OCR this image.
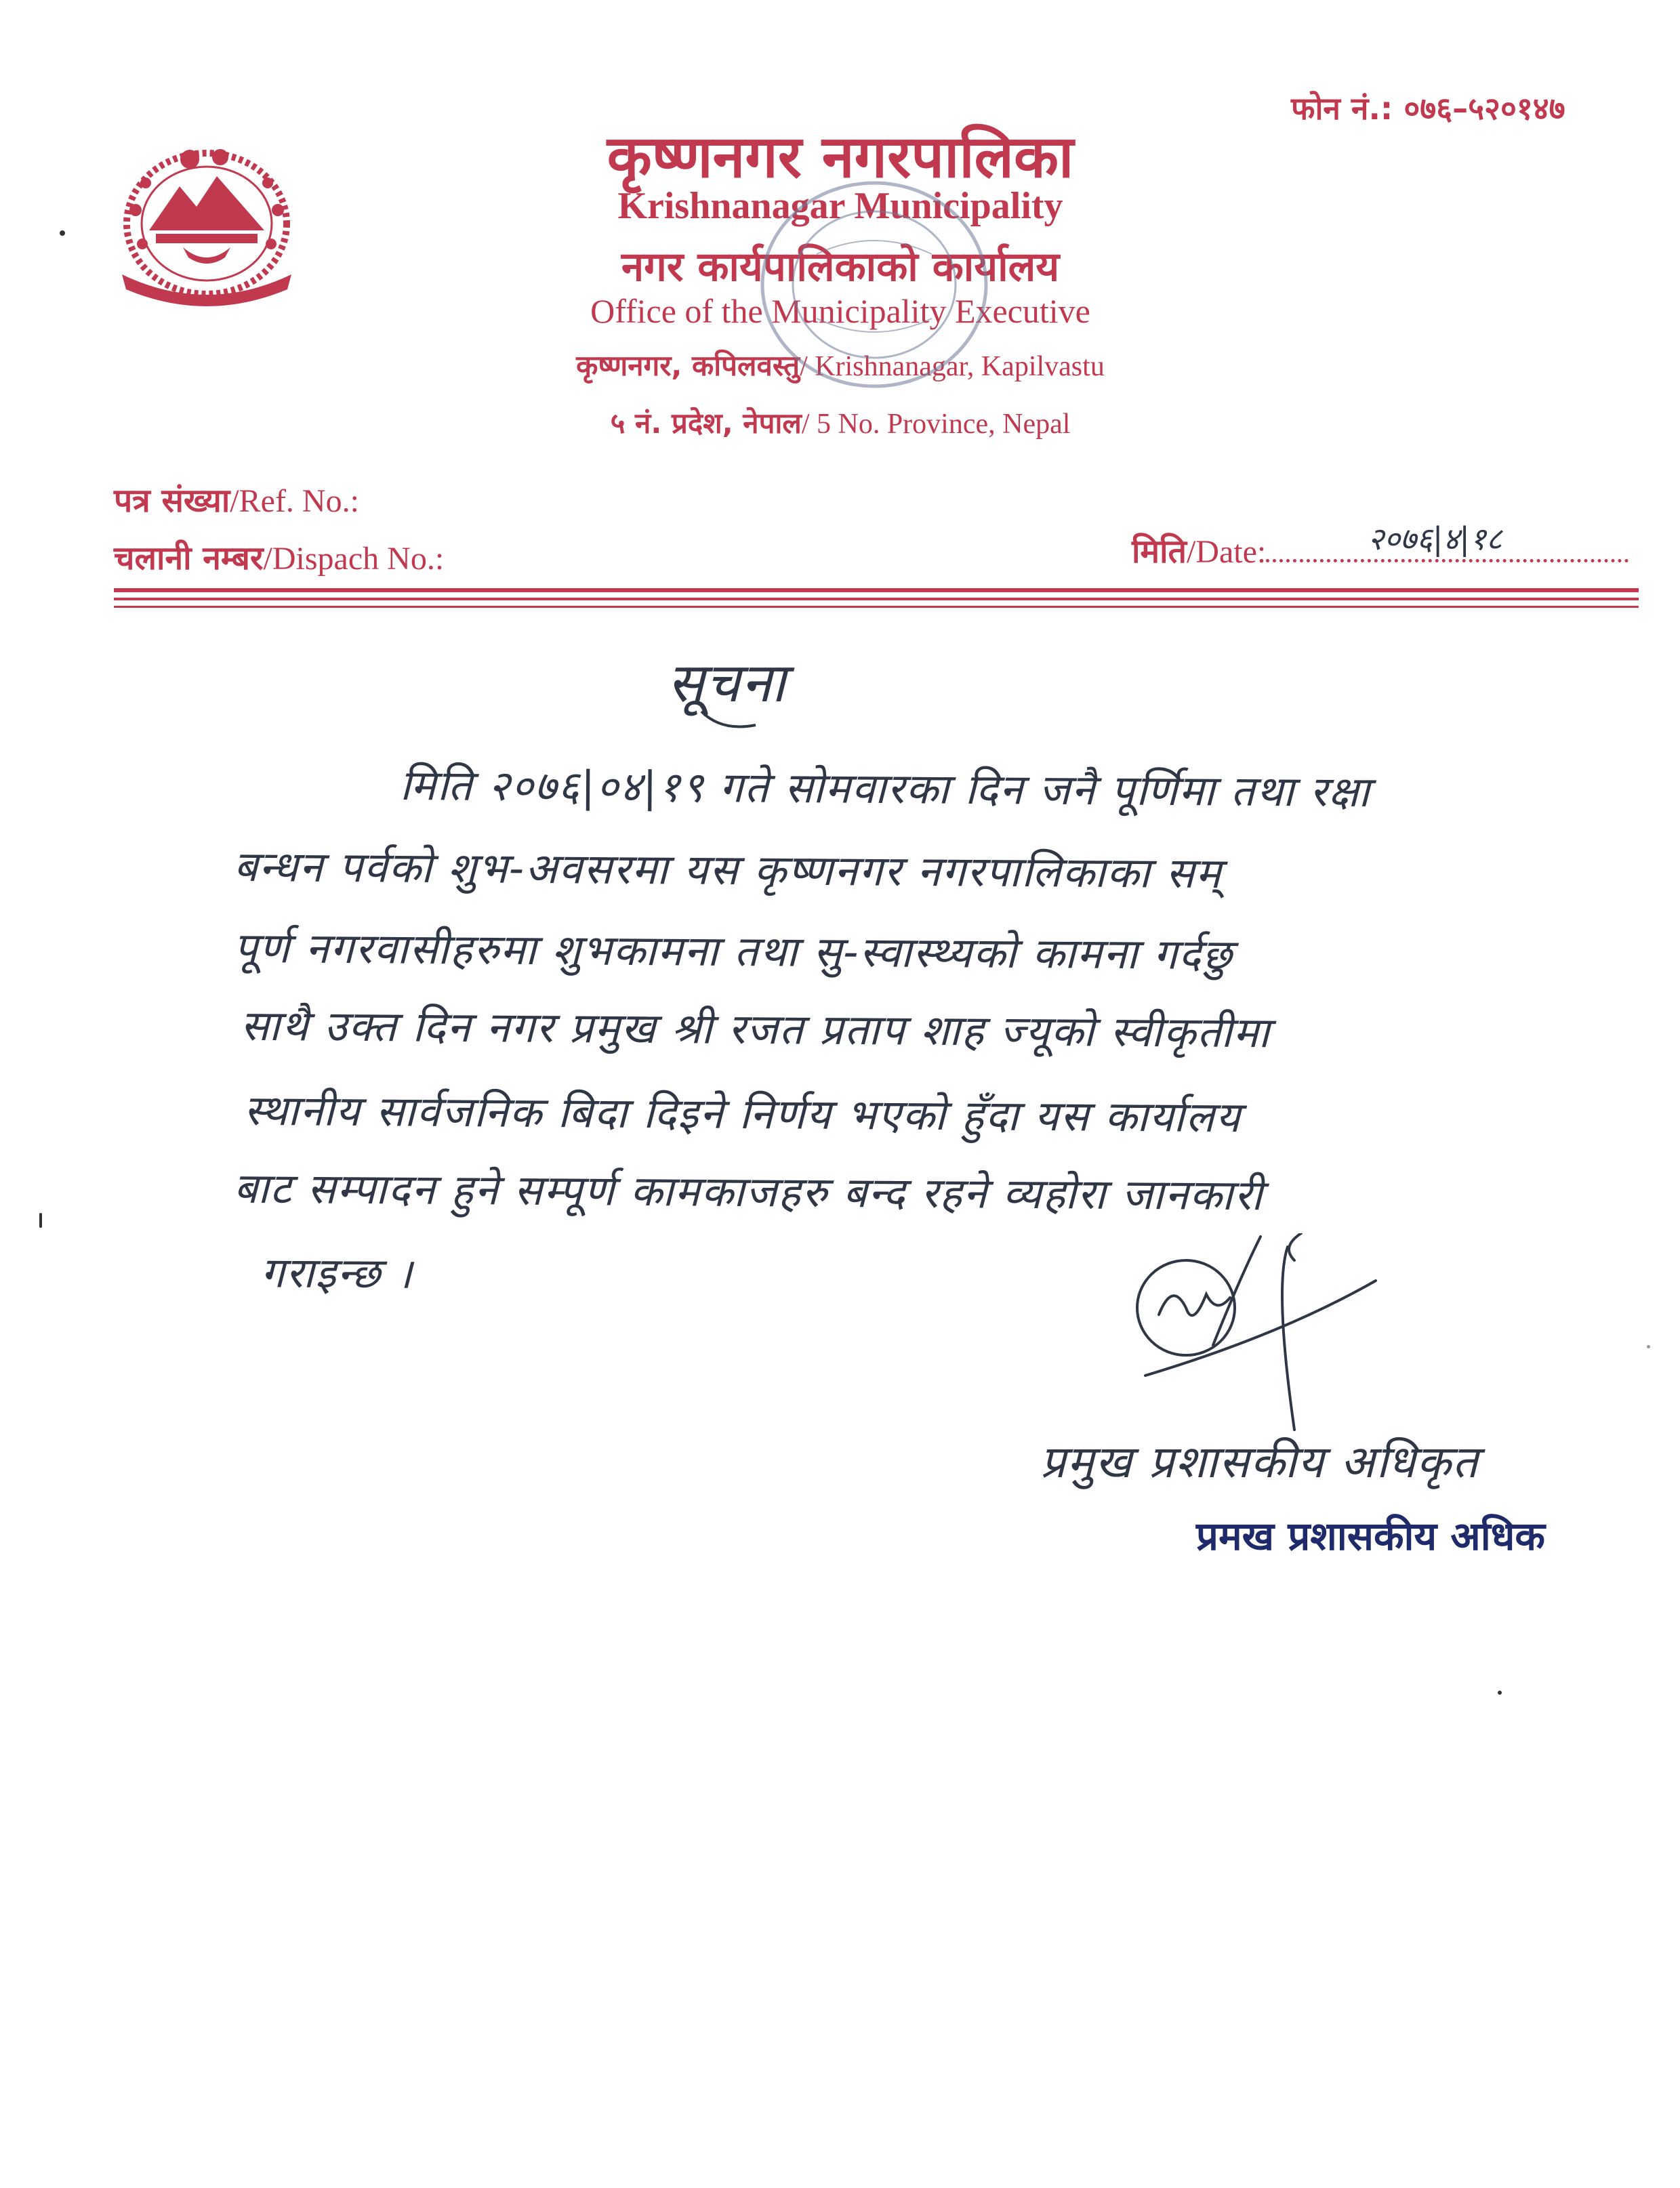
फोन नं.: ०७६–५२०१४७
कृष्णनगर नगरपालिका
Krishnanagar Municipality
नगर कार्यपालिकाको कार्यालय
Office of the Municipality Executive
कृष्णनगर, कपिलवस्तु/ Krishnanagar, Kapilvastu
५ नं. प्रदेश, नेपाल/ 5 No. Province, Nepal
पत्र संख्या/Ref. No.:
चलानी नम्बर/Dispach No.:	मिति/Date:	२०७६|४|१८
सूचना
मिति २०७६|०४|१९ गते सोमवारका दिन जनै पूर्णिमा तथा रक्षा
बन्धन पर्वको शुभ-अवसरमा यस कृष्णनगर नगरपालिकाका सम्
पूर्ण नगरवासीहरुमा शुभकामना तथा सु-स्वास्थ्यको कामना गर्दछु
साथै उक्त दिन नगर प्रमुख श्री रजत प्रताप शाह ज्यूको स्वीकृतीमा
स्थानीय सार्वजनिक बिदा दिइने निर्णय भएको हुँदा यस कार्यालय
बाट सम्पादन हुने सम्पूर्ण कामकाजहरु बन्द रहने व्यहोरा जानकारी
गराइन्छ ।
प्रमुख प्रशासकीय अधिकृत
प्रमख प्रशासकीय अधिक
